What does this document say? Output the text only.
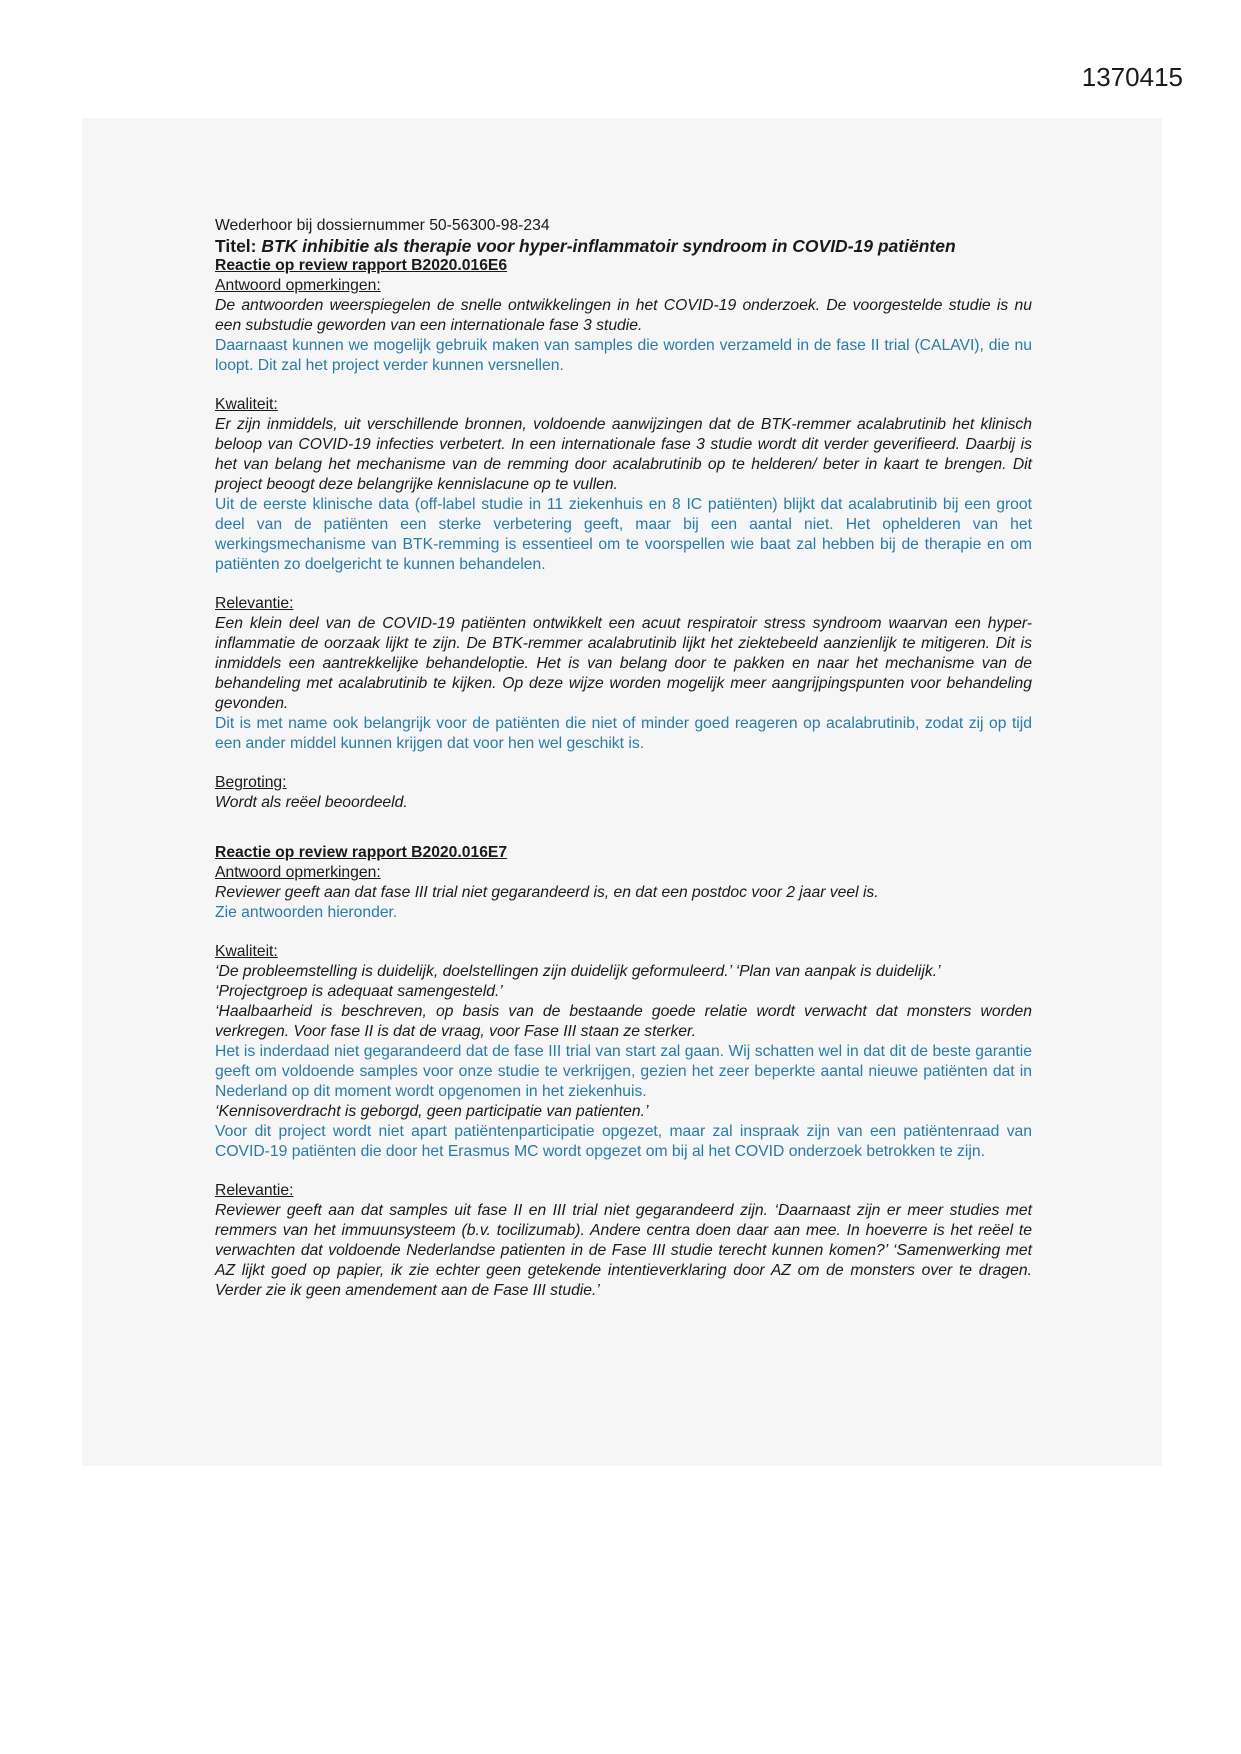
1370415

Wederhoor bij dossiernummer 50-56300-98-234

Titel: BTK inhibitie als therapie voor hyper-inflammatoir syndroom in COVID-19 patiënten

Reactie op review rapport B2020.016E6

Antwoord opmerkingen:

De antwoorden weerspiegelen de snelle ontwikkelingen in het COVID-19 onderzoek. De voorgestelde studie is nu een substudie geworden van een internationale fase 3 studie.

Daarnaast kunnen we mogelijk gebruik maken van samples die worden verzameld in de fase II trial (CALAVI), die nu loopt. Dit zal het project verder kunnen versnellen.

Kwaliteit:

Er zijn inmiddels, uit verschillende bronnen, voldoende aanwijzingen dat de BTK-remmer acalabrutinib het klinisch beloop van COVID-19 infecties verbetert. In een internationale fase 3 studie wordt dit verder geverifieerd. Daarbij is het van belang het mechanisme van de remming door acalabrutinib op te helderen/ beter in kaart te brengen. Dit project beoogt deze belangrijke kennislacune op te vullen.

Uit de eerste klinische data (off-label studie in 11 ziekenhuis en 8 IC patiënten) blijkt dat acalabrutinib bij een groot deel van de patiënten een sterke verbetering geeft, maar bij een aantal niet. Het ophelderen van het werkingsmechanisme van BTK-remming is essentieel om te voorspellen wie baat zal hebben bij de therapie en om patiënten zo doelgericht te kunnen behandelen.

Relevantie:

Een klein deel van de COVID-19 patiënten ontwikkelt een acuut respiratoir stress syndroom waarvan een hyper-inflammatie de oorzaak lijkt te zijn. De BTK-remmer acalabrutinib lijkt het ziektebeeld aanzienlijk te mitigeren. Dit is inmiddels een aantrekkelijke behandeloptie. Het is van belang door te pakken en naar het mechanisme van de behandeling met acalabrutinib te kijken. Op deze wijze worden mogelijk meer aangrijpingspunten voor behandeling gevonden.

Dit is met name ook belangrijk voor de patiënten die niet of minder goed reageren op acalabrutinib, zodat zij op tijd een ander middel kunnen krijgen dat voor hen wel geschikt is.

Begroting:

Wordt als reëel beoordeeld.

Reactie op review rapport B2020.016E7

Antwoord opmerkingen:

Reviewer geeft aan dat fase III trial niet gegarandeerd is, en dat een postdoc voor 2 jaar veel is.

Zie antwoorden hieronder.

Kwaliteit:

‘De probleemstelling is duidelijk, doelstellingen zijn duidelijk geformuleerd.’ ‘Plan van aanpak is duidelijk.’

‘Projectgroep is adequaat samengesteld.’

‘Haalbaarheid is beschreven, op basis van de bestaande goede relatie wordt verwacht dat monsters worden verkregen. Voor fase II is dat de vraag, voor Fase III staan ze sterker.

Het is inderdaad niet gegarandeerd dat de fase III trial van start zal gaan. Wij schatten wel in dat dit de beste garantie geeft om voldoende samples voor onze studie te verkrijgen, gezien het zeer beperkte aantal nieuwe patiënten dat in Nederland op dit moment wordt opgenomen in het ziekenhuis.

‘Kennisoverdracht is geborgd, geen participatie van patienten.’

Voor dit project wordt niet apart patiëntenparticipatie opgezet, maar zal inspraak zijn van een patiëntenraad van COVID-19 patiënten die door het Erasmus MC wordt opgezet om bij al het COVID onderzoek betrokken te zijn.

Relevantie:

Reviewer geeft aan dat samples uit fase II en III trial niet gegarandeerd zijn. ‘Daarnaast zijn er meer studies met remmers van het immuunsysteem (b.v. tocilizumab). Andere centra doen daar aan mee. In hoeverre is het reëel te verwachten dat voldoende Nederlandse patienten in de Fase III studie terecht kunnen komen?’ ‘Samenwerking met AZ lijkt goed op papier, ik zie echter geen getekende intentieverklaring door AZ om de monsters over te dragen. Verder zie ik geen amendement aan de Fase III studie.’
